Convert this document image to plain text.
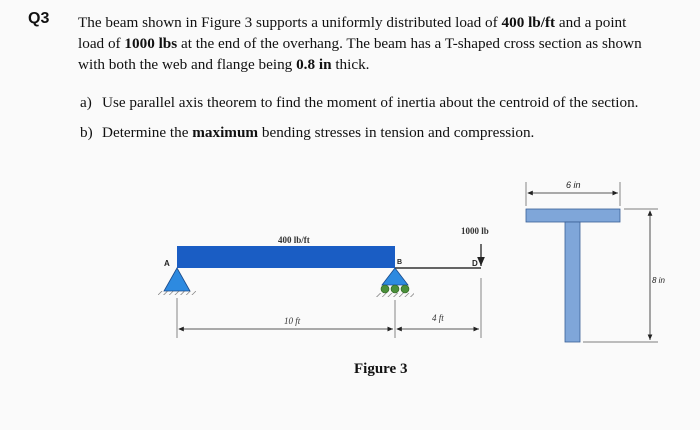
Q3 The beam shown in Figure 3 supports a uniformly distributed load of 400 lb/ft and a point
load of 1000 lbs at the end of the overhang. The beam has a T-shaped cross section as shown
with both the web and flange being 0.8 in thick.
a) Use parallel axis theorem to find the moment of inertia about the centroid of the section.
b) Determine the maximum bending stresses in tension and compression.
400 lb/ft
A	B	D
1000 lb
10 ft	4 ft
6 in
8 in
Figure 3
